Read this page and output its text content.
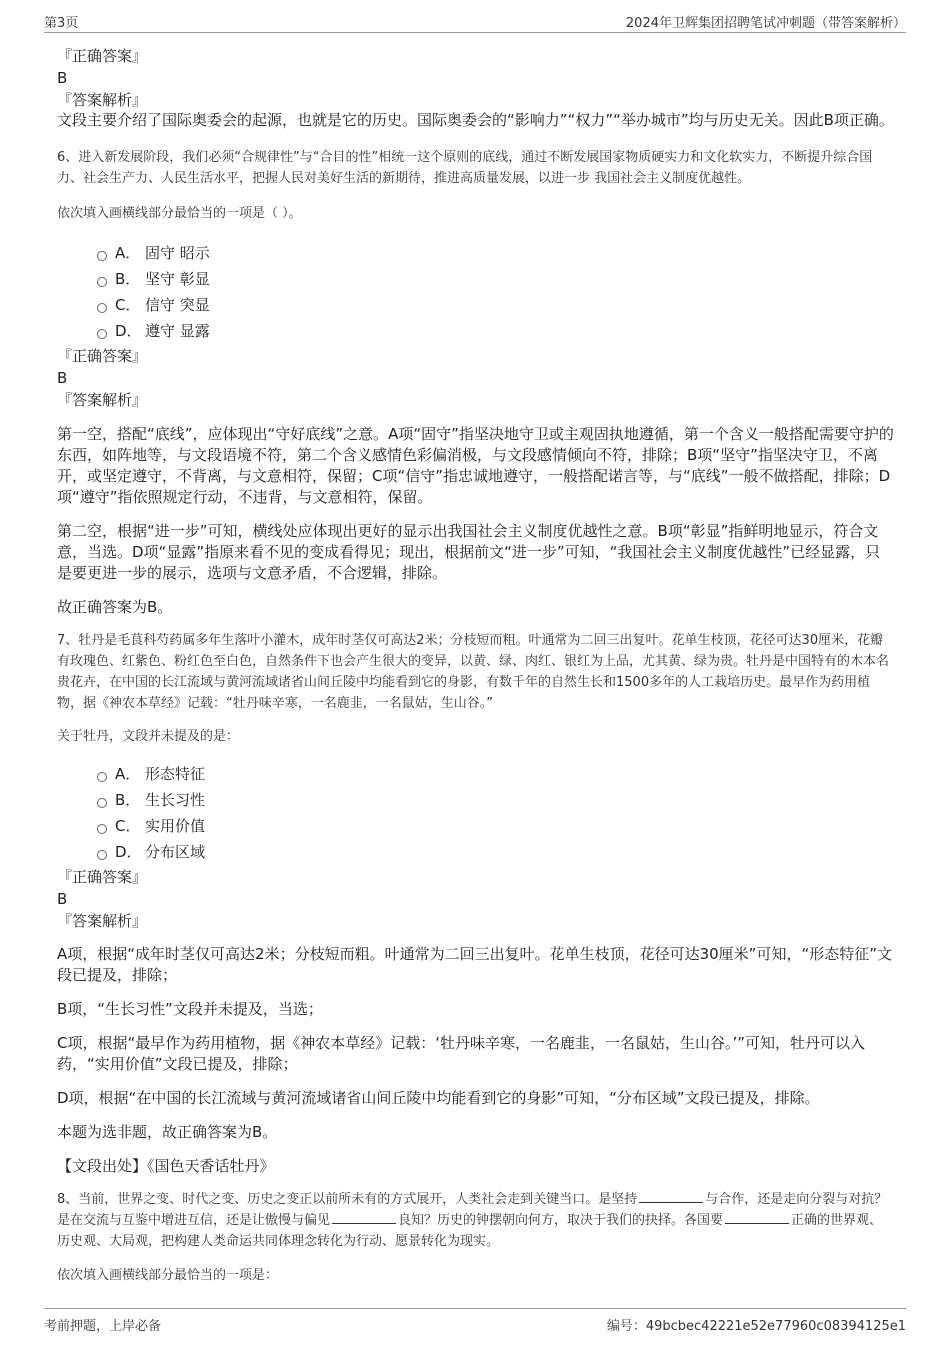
第3页	2024年卫辉集团招聘笔试冲刺题（带答案解析）

『正确答案』

B

『答案解析』

文段主要介绍了国际奥委会的起源，也就是它的历史。国际奥委会的“影响力”“权力”“举办城市”均与历史无关。因此B项正确。

6、进入新发展阶段，我们必须“合规律性”与“合目的性”相统一这个原则的底线，通过不断发展国家物质硬实力和文化软实力，不断提升综合国力、社会生产力、人民生活水平，把握人民对美好生活的新期待，推进高质量发展，以进一步 我国社会主义制度优越性。

依次填入画横线部分最恰当的一项是（ ）。

A． 固守 昭示
B． 坚守 彰显
C． 信守 突显
D． 遵守 显露

『正确答案』

B

『答案解析』

第一空，搭配“底线”，应体现出“守好底线”之意。A项“固守”指坚决地守卫或主观固执地遵循，第一个含义一般搭配需要守护的东西，如阵地等，与文段语境不符，第二个含义感情色彩偏消极，与文段感情倾向不符，排除；B项“坚守”指坚决守卫，不离开，或坚定遵守，不背离，与文意相符，保留；C项“信守”指忠诚地遵守，一般搭配诺言等，与“底线”一般不做搭配，排除；D项“遵守”指依照规定行动，不违背，与文意相符，保留。

第二空，根据“进一步”可知，横线处应体现出更好的显示出我国社会主义制度优越性之意。B项“彰显”指鲜明地显示，符合文意，当选。D项“显露”指原来看不见的变成看得见；现出，根据前文“进一步”可知，“我国社会主义制度优越性”已经显露，只是要更进一步的展示，选项与文意矛盾，不合逻辑，排除。

故正确答案为B。

7、牡丹是毛茛科芍药属多年生落叶小灌木，成年时茎仅可高达2米；分枝短而粗。叶通常为二回三出复叶。花单生枝顶，花径可达30厘米，花瓣有玫瑰色、红紫色、粉红色至白色，自然条件下也会产生很大的变异，以黄、绿、肉红、银红为上品，尤其黄、绿为贵。牡丹是中国特有的木本名贵花卉，在中国的长江流域与黄河流域诸省山间丘陵中均能看到它的身影，有数千年的自然生长和1500多年的人工栽培历史。最早作为药用植物，据《神农本草经》记载：“牡丹味辛寒，一名鹿韭，一名鼠姑，生山谷。”

关于牡丹，文段并未提及的是：

A． 形态特征
B． 生长习性
C． 实用价值
D． 分布区域

『正确答案』

B

『答案解析』

A项，根据“成年时茎仅可高达2米；分枝短而粗。叶通常为二回三出复叶。花单生枝顶，花径可达30厘米”可知，“形态特征”文段已提及，排除；

B项，“生长习性”文段并未提及，当选；

C项，根据“最早作为药用植物，据《神农本草经》记载：‘牡丹味辛寒，一名鹿韭，一名鼠姑，生山谷。’”可知，牡丹可以入药，“实用价值”文段已提及，排除；

D项，根据“在中国的长江流域与黄河流域诸省山间丘陵中均能看到它的身影”可知，“分布区域”文段已提及，排除。

本题为选非题，故正确答案为B。

【文段出处】《国色天香话牡丹》

8、当前，世界之变、时代之变、历史之变正以前所未有的方式展开，人类社会走到关键当口。是坚持	与合作，还是走向分裂与对抗？是在交流与互鉴中增进互信，还是让傲慢与偏见	良知？历史的钟摆朝向何方，取决于我们的抉择。各国要	正确的世界观、历史观、大局观，把构建人类命运共同体理念转化为行动、愿景转化为现实。

依次填入画横线部分最恰当的一项是：

考前押题，上岸必备	编号：49bcbec42221e52e77960c08394125e1
